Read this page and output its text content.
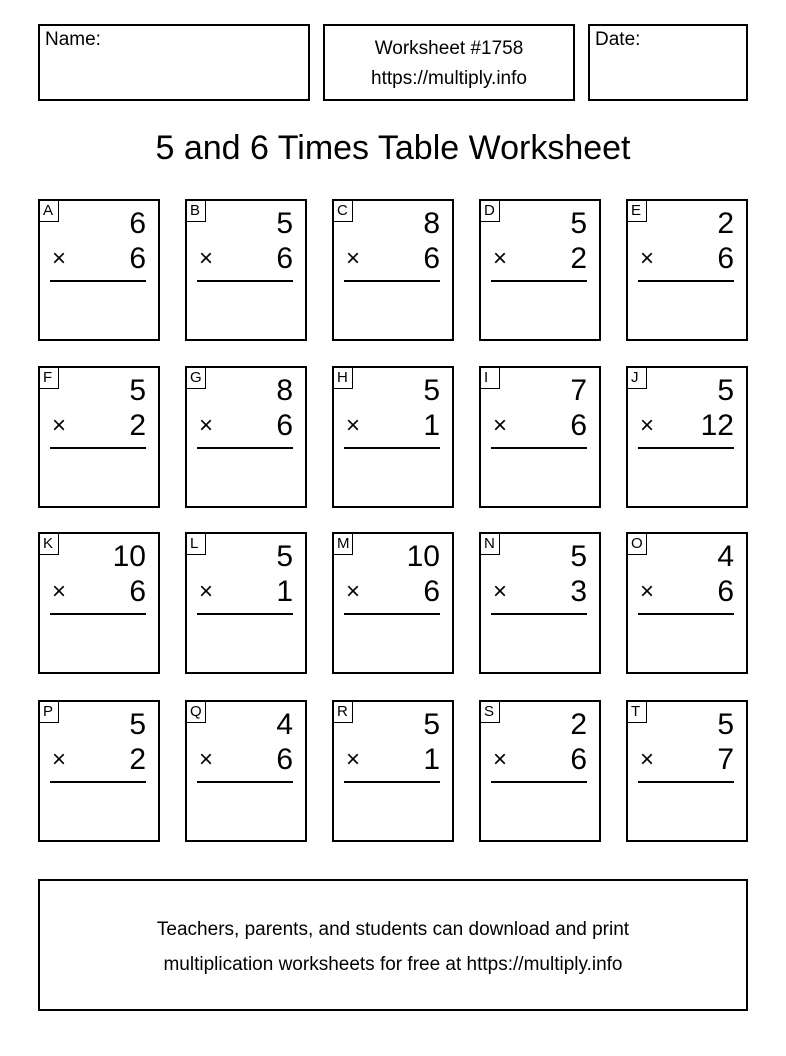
Name:	Worksheet #1758
https://multiply.info
Date:
5 and 6 Times Table Worksheet
A	6
× 6
B	5
× 6
C	8
× 6
D	5
× 2
E	2
× 6
F	5
× 2
G 8
× 6
H	5
× 1
I	7
× 6
J	5
× 12
K 10
× 6
L	5
× 1
M 10
× 6
N	5
× 3
O 4
× 6
P	5
× 2
Q 4
× 6
R	5
× 1
S	2
× 6
T	5
× 7
Teachers, parents, and students can download and print
multiplication worksheets for free at https://multiply.info
